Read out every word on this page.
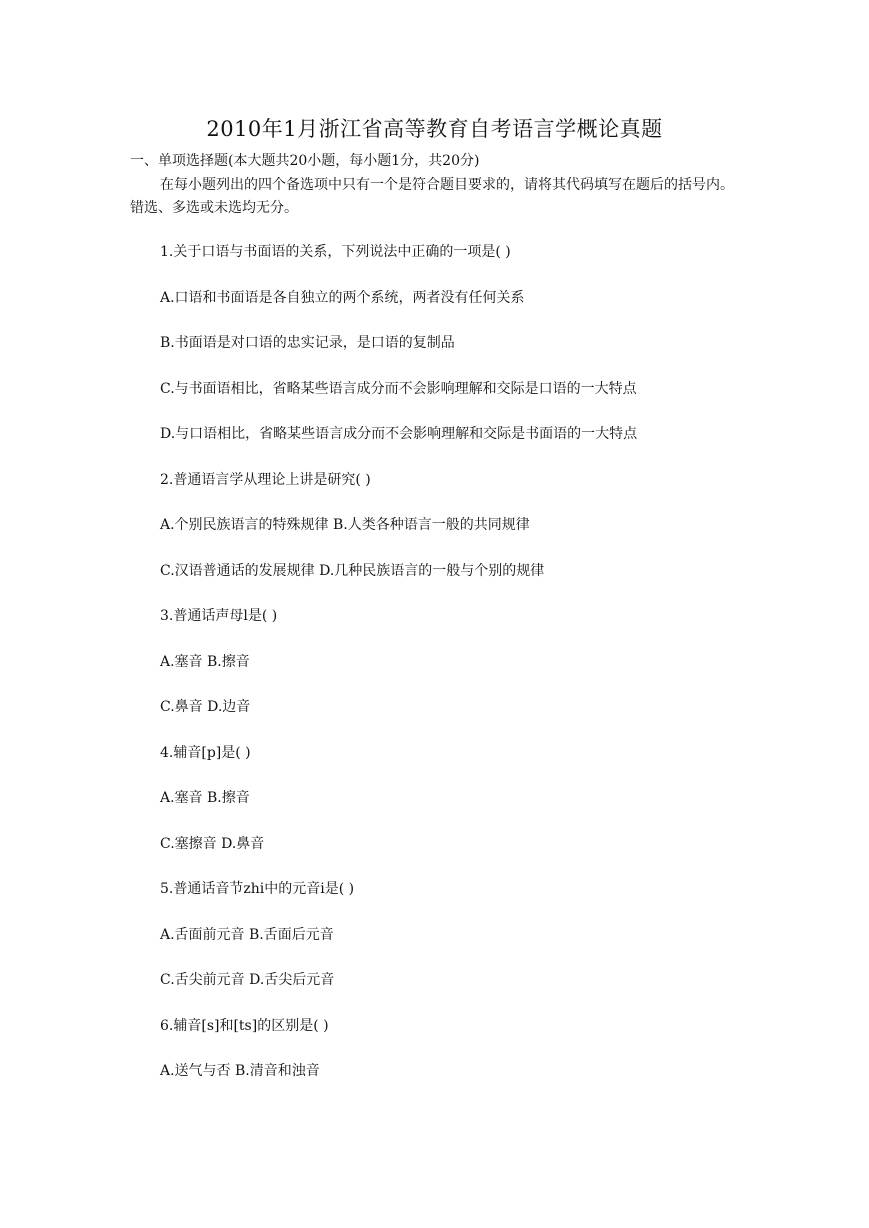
2010年1月浙江省高等教育自考语言学概论真题
一、单项选择题(本大题共20小题，每小题1分，共20分)
在每小题列出的四个备选项中只有一个是符合题目要求的，请将其代码填写在题后的括号内。错选、多选或未选均无分。
1.关于口语与书面语的关系，下列说法中正确的一项是( )
A.口语和书面语是各自独立的两个系统，两者没有任何关系
B.书面语是对口语的忠实记录，是口语的复制品
C.与书面语相比，省略某些语言成分而不会影响理解和交际是口语的一大特点
D.与口语相比，省略某些语言成分而不会影响理解和交际是书面语的一大特点
2.普通语言学从理论上讲是研究( )
A.个别民族语言的特殊规律 B.人类各种语言一般的共同规律
C.汉语普通话的发展规律 D.几种民族语言的一般与个别的规律
3.普通话声母l是( )
A.塞音 B.擦音
C.鼻音 D.边音
4.辅音[p]是( )
A.塞音 B.擦音
C.塞擦音 D.鼻音
5.普通话音节zhi中的元音i是( )
A.舌面前元音 B.舌面后元音
C.舌尖前元音 D.舌尖后元音
6.辅音[s]和[ts]的区别是( )
A.送气与否 B.清音和浊音
